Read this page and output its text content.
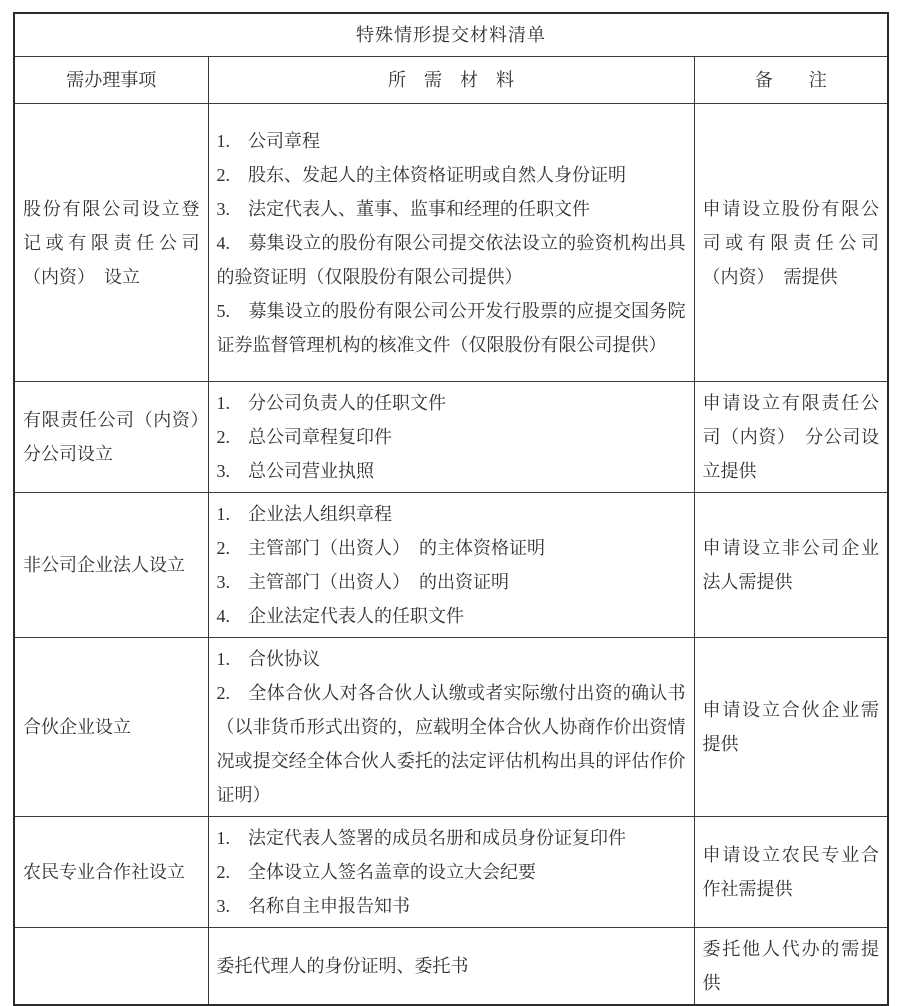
特殊情形提交材料清单		
需办理事项	所　需　材　料	备　　注
股份有限公司设立登记或有限责任公司（内资）　设立	1.　公司章程

2.　股东、发起人的主体资格证明或自然人身份证明

3.　法定代表人、董事、监事和经理的任职文件

4.　募集设立的股份有限公司提交依法设立的验资机构出具的验资证明（仅限股份有限公司提供）

5.　募集设立的股份有限公司公开发行股票的应提交国务院证券监督管理机构的核准文件（仅限股份有限公司提供）	申请设立股份有限公司或有限责任公司（内资）　需提供
有限责任公司（内资）分公司设立	1.　分公司负责人的任职文件

2.　总公司章程复印件

3.　总公司营业执照	申请设立有限责任公司（内资）　分公司设立提供
非公司企业法人设立	1.　企业法人组织章程

2.　主管部门（出资人）　的主体资格证明

3.　主管部门（出资人）　的出资证明

4.　企业法定代表人的任职文件	申请设立非公司企业法人需提供
合伙企业设立	1.　合伙协议

2.　全体合伙人对各合伙人认缴或者实际缴付出资的确认书（以非货币形式出资的，应载明全体合伙人协商作价出资情况或提交经全体合伙人委托的法定评估机构出具的评估作价证明）	申请设立合伙企业需提供
农民专业合作社设立	1.　法定代表人签署的成员名册和成员身份证复印件

2.　全体设立人签名盖章的设立大会纪要

3.　名称自主申报告知书	申请设立农民专业合作社需提供

	委托代理人的身份证明、委托书	委托他人代办的需提供
